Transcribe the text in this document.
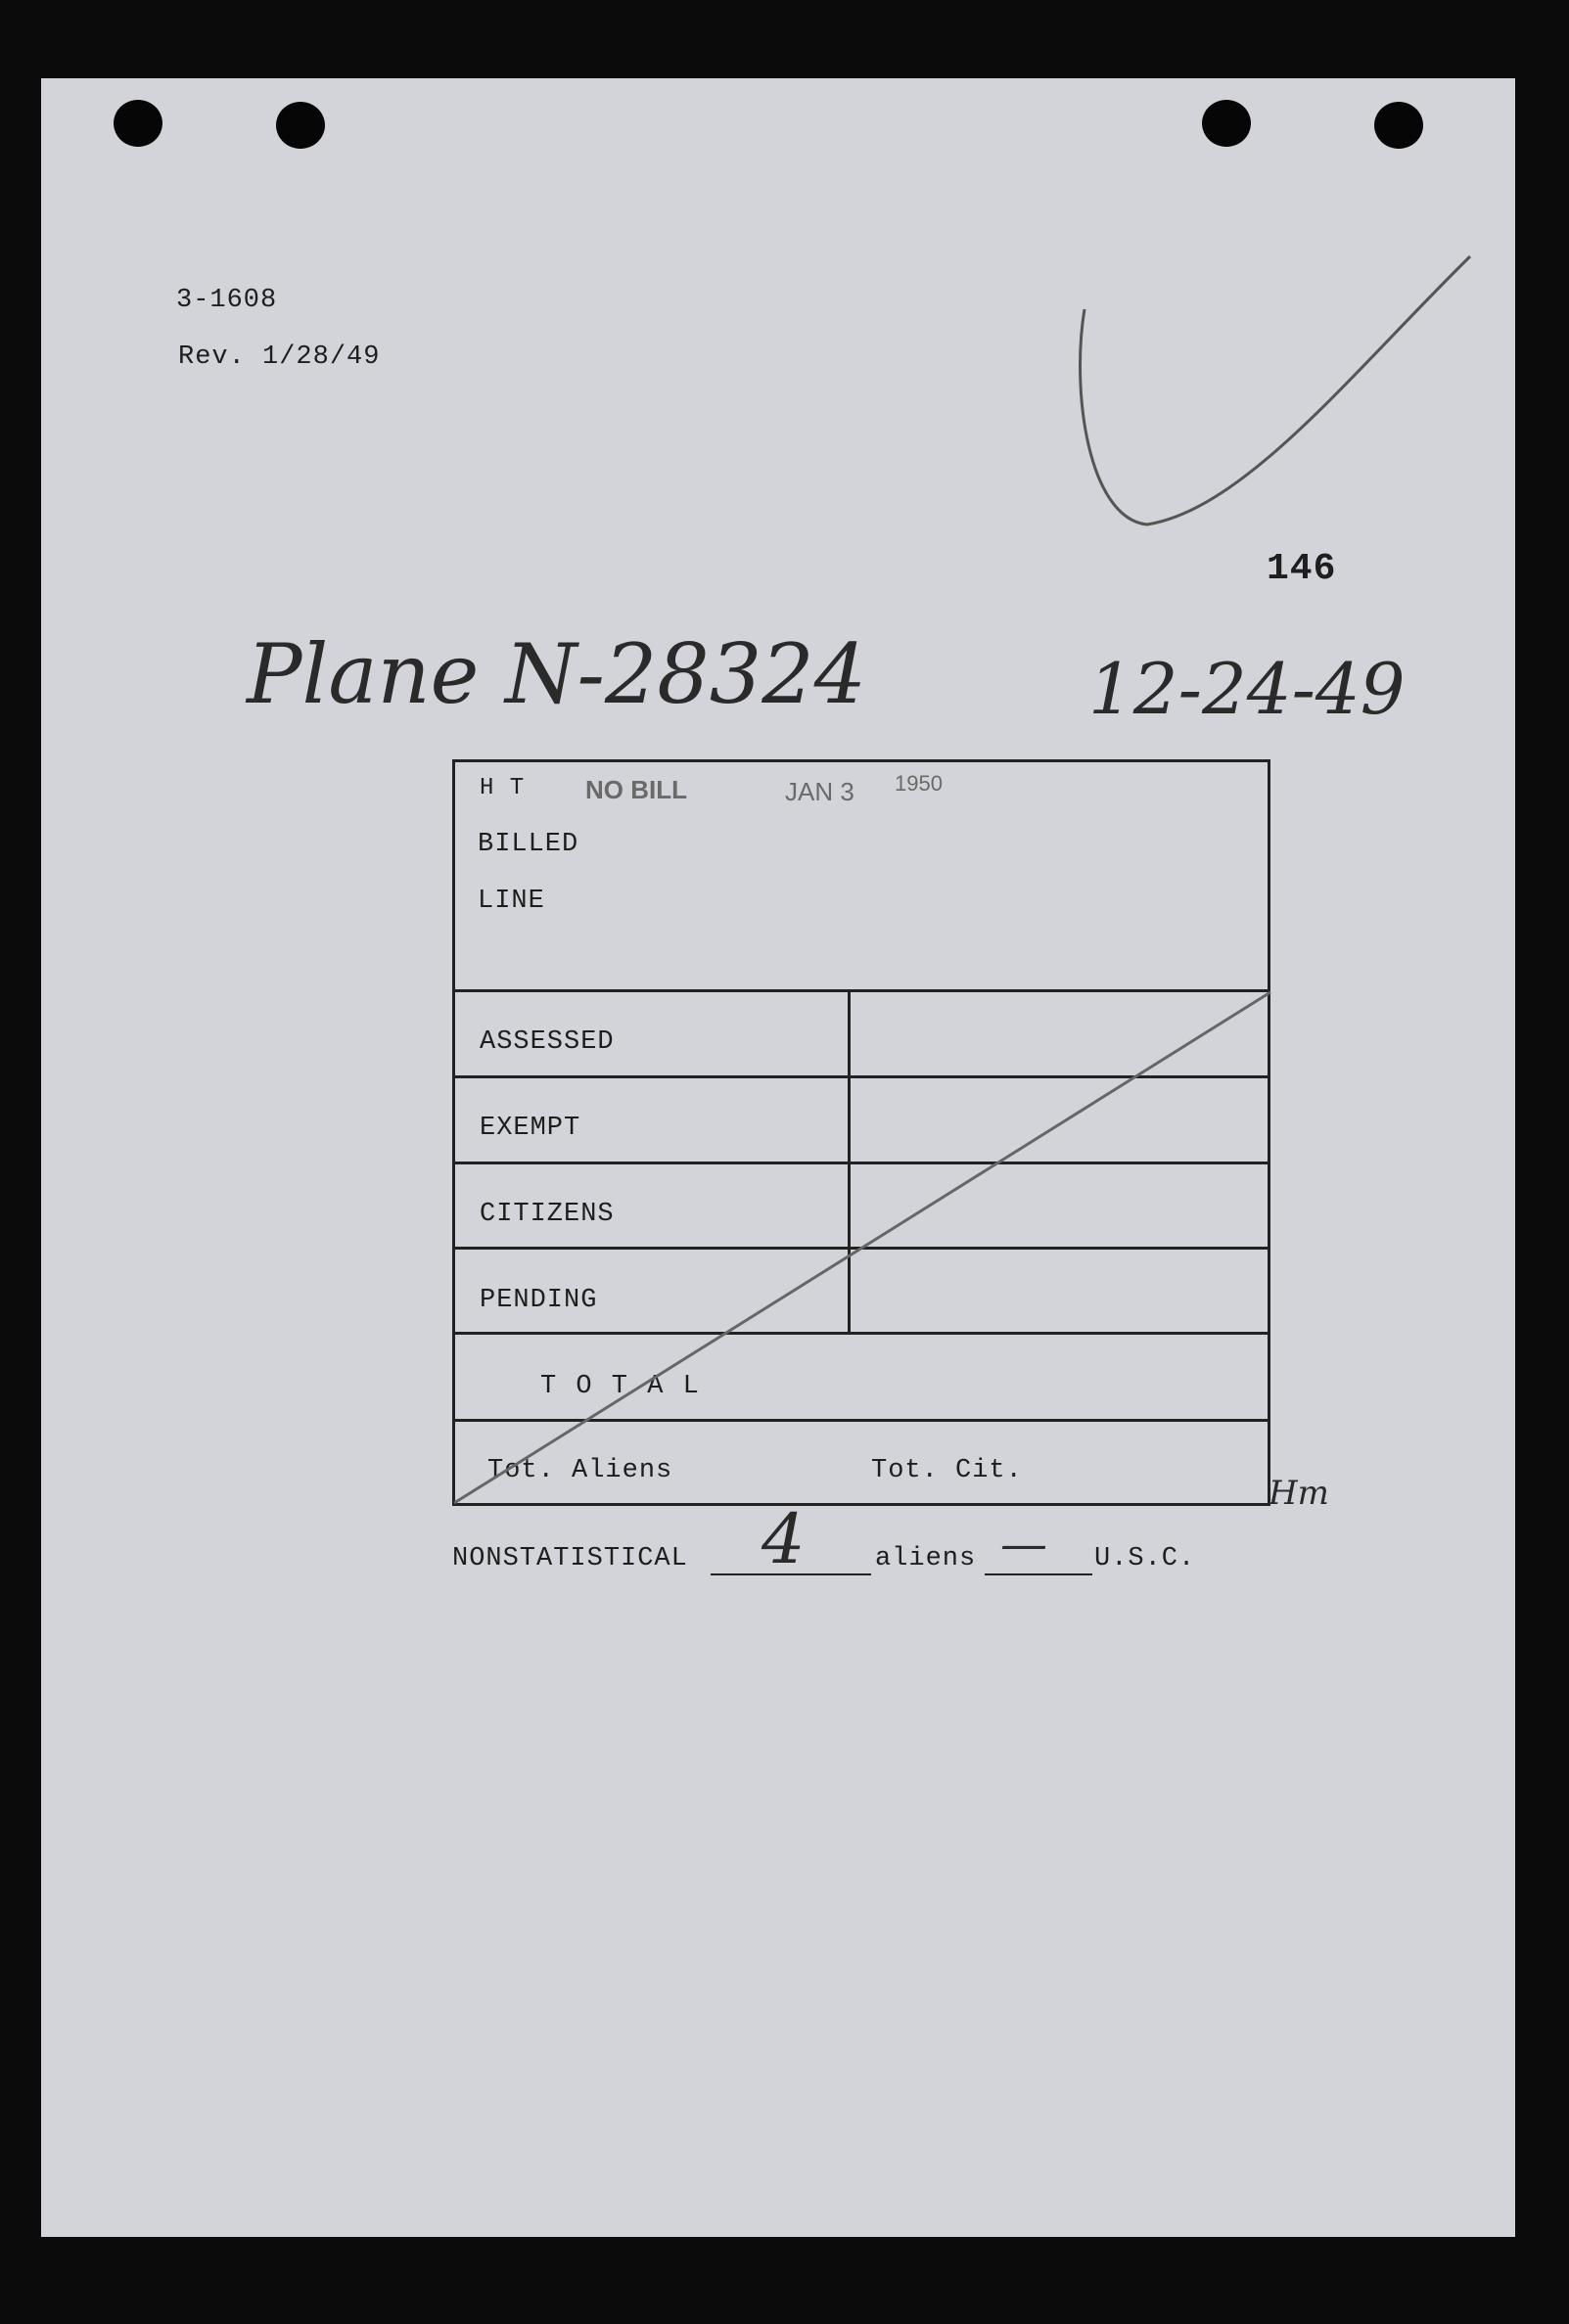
3-1608
Rev. 1/28/49
146
Plane N-28324	12-24-49
H T NO BILL	JAN 3 1950
BILLED
LINE
ASSESSED
EXEMPT
CITIZENS
PENDING
T O T A L
Tot. Aliens	Tot. Cit.
Hm
NONSTATISTICAL 4	aliens — U.S.C.
